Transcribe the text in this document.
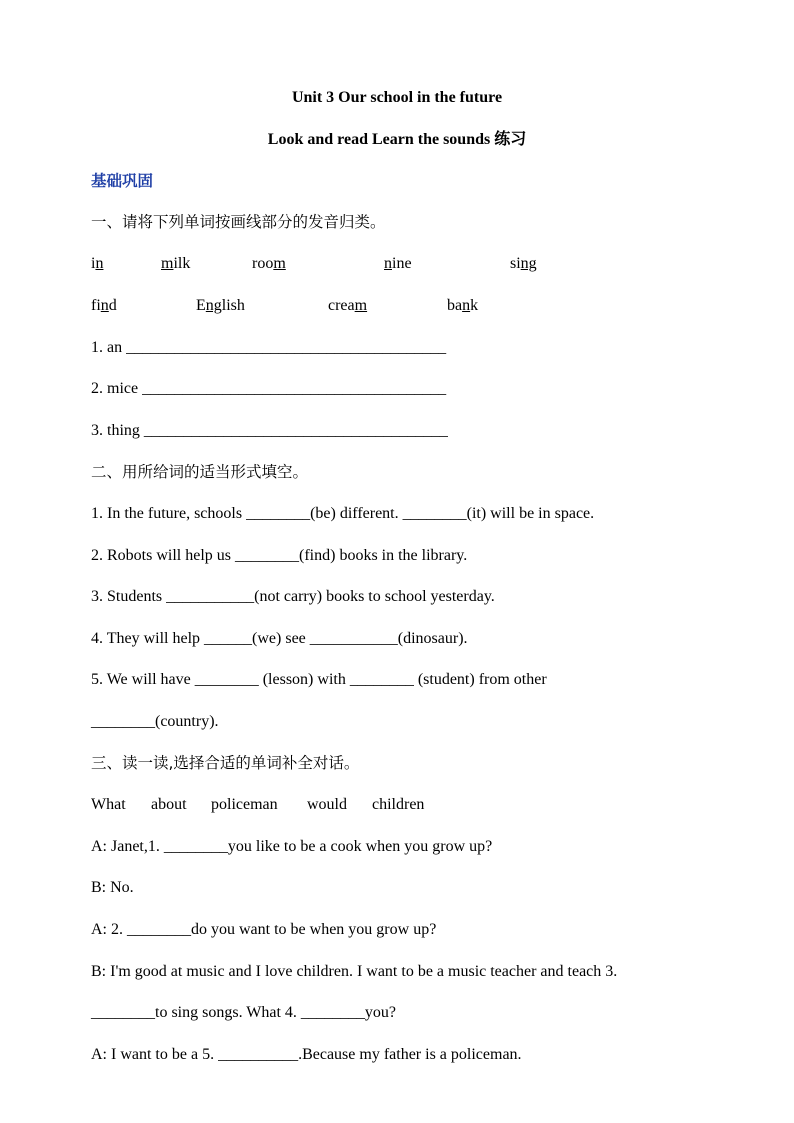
Unit 3 Our school in the future
Look and read Learn the sounds 练习
基础巩固
一、请将下列单词按画线部分的发音归类。
in	milk	room	nine	sing
find	English	cream	bank
1. an ________________________________________
2. mice ______________________________________
3. thing ______________________________________
二、用所给词的适当形式填空。
1. In the future, schools ________(be) different. ________(it) will be in space.
2. Robots will help us ________(find) books in the library.
3. Students ___________(not carry) books to school yesterday.
4. They will help ______(we) see ___________(dinosaur).
5. We will have ________ (lesson) with ________ (student) from other
________(country).
三、读一读,选择合适的单词补全对话。
What about policeman would children
A: Janet,1. ________you like to be a cook when you grow up?
B: No.
A: 2. ________do you want to be when you grow up?
B: I'm good at music and I love children. I want to be a music teacher and teach 3.
________to sing songs. What 4. ________you?
A: I want to be a 5. __________.Because my father is a policeman.
